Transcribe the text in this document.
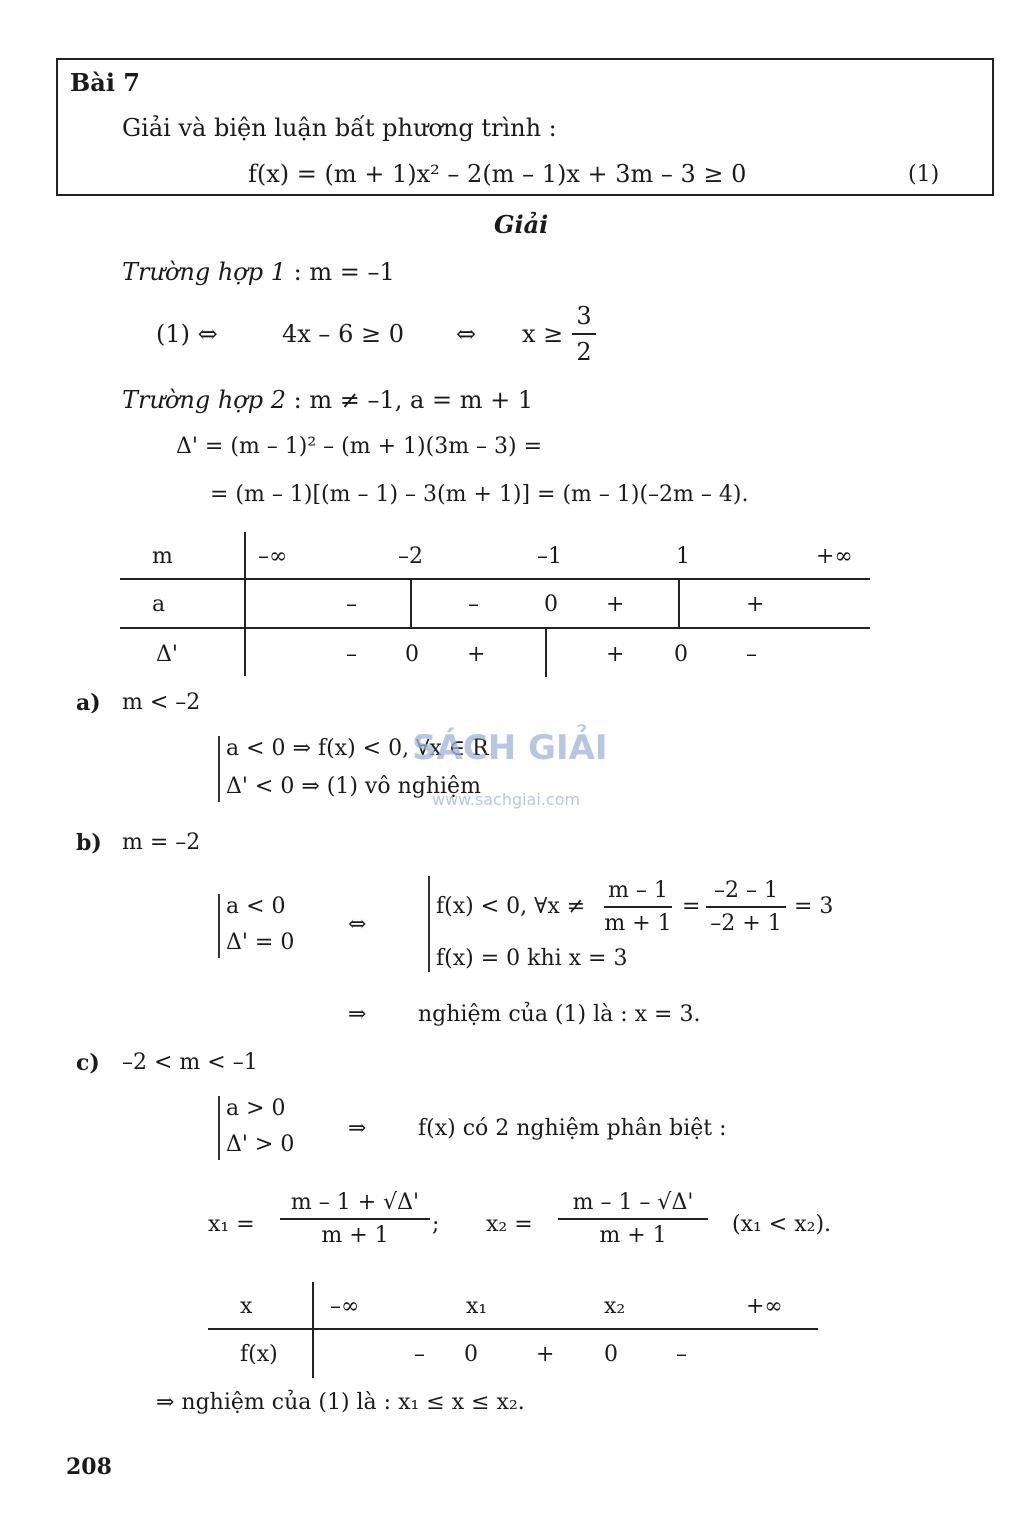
Bài 7
Giải và biện luận bất phương trình :
f(x) = (m + 1)x² – 2(m – 1)x + 3m – 3 ≥ 0	(1)
Giải
Trường hợp 1 : m = –1
(1) ⇔	4x – 6 ≥ 0 ⇔ x ≥
3
2
Trường hợp 2 : m ≠ –1, a = m + 1
Δ' = (m – 1)² – (m + 1)(3m – 3) =
= (m – 1)[(m – 1) – 3(m + 1)] = (m – 1)(–2m – 4).
m	–∞	–2	–1	1	+∞
a	–	–	0 +	+
Δ'	– 0 +	+ 0	–
a) m < –2
a < 0 ⇒ f(x) < 0, ∀x ∈ R
Δ' < 0 ⇒ (1) vô nghiệm
SÁCH GIẢI
www.sachgiai.com
b) m = –2
a < 0
Δ' = 0
⇔
f(x) < 0, ∀x ≠
m – 1
m + 1
=
–2 – 1
–2 + 1
= 3
f(x) = 0 khi x = 3
⇒ nghiệm của (1) là : x = 3.
c) –2 < m < –1
a > 0
Δ' > 0
⇒ f(x) có 2 nghiệm phân biệt :
x₁ =
m – 1 + √Δ'
m + 1	; x₂ =
m – 1 – √Δ'
m + 1	(x₁ < x₂).
x	–∞	x₁	x₂	+∞
f(x)	– 0	+ 0	–
⇒ nghiệm của (1) là : x₁ ≤ x ≤ x₂.
208
